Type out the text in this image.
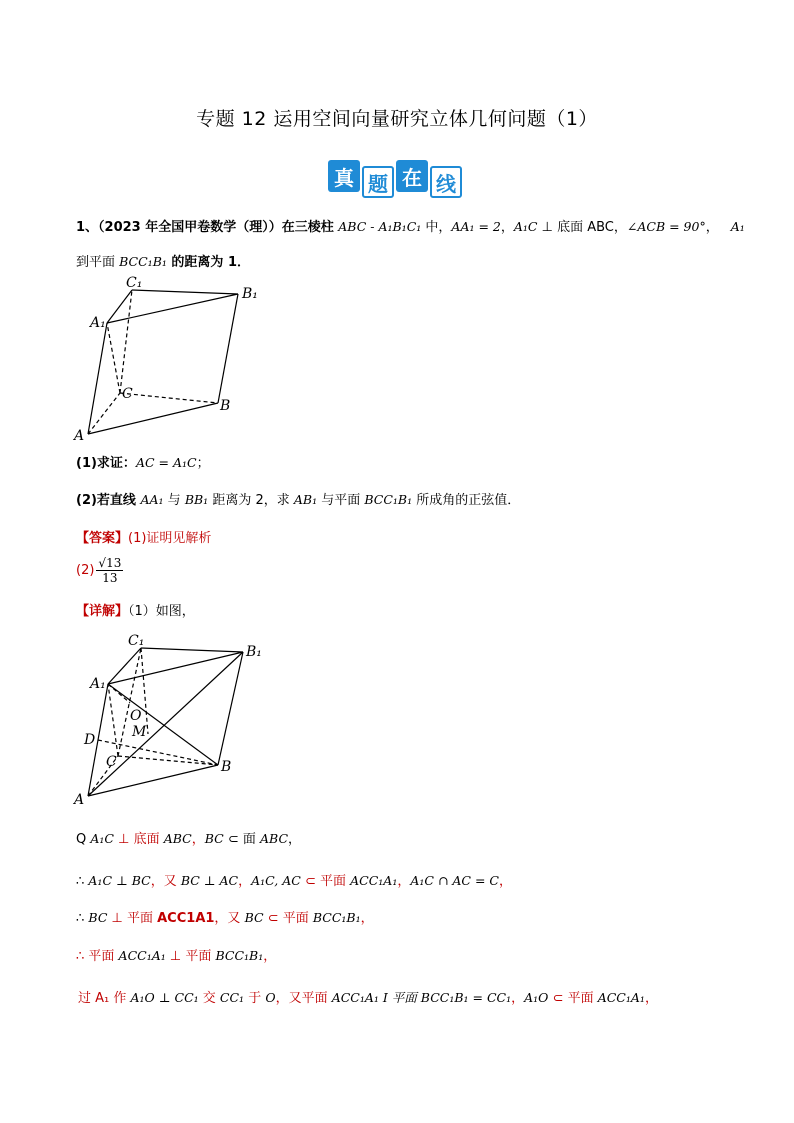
专题 12 运用空间向量研究立体几何问题（1）
真 题 在 线
1、（2023 年全国甲卷数学（理））在三棱柱 ABC - A₁B₁C₁ 中，AA₁ = 2，A₁C ⊥ 底面 ABC，∠ACB = 90°， A₁
到平面 BCC₁B₁ 的距离为 1．
C₁
B₁
A₁
C
B
A
(1)求证：AC = A₁C；
(2)若直线 AA₁ 与 BB₁ 距离为 2，求 AB₁ 与平面 BCC₁B₁ 所成角的正弦值．
【答案】(1)证明见解析
$(2) \frac{√13}{13}$
【详解】（1）如图，
C₁
B₁
A₁
O
M
D
C	B
A
Q A₁C ⊥ 底面 ABC，BC ⊂ 面 ABC，
∴ A₁C ⊥ BC，又 BC ⊥ AC，A₁C, AC ⊂ 平面 ACC₁A₁，A₁C ∩ AC = C，
∴ BC ⊥ 平面 ACC1A1，又 BC ⊂ 平面 BCC₁B₁，
∴ 平面 ACC₁A₁ ⊥ 平面 BCC₁B₁，
过 A₁ 作 A₁O ⊥ CC₁ 交 CC₁ 于 O，又平面 ACC₁A₁ I 平面 BCC₁B₁ = CC₁，A₁O ⊂ 平面 ACC₁A₁，
